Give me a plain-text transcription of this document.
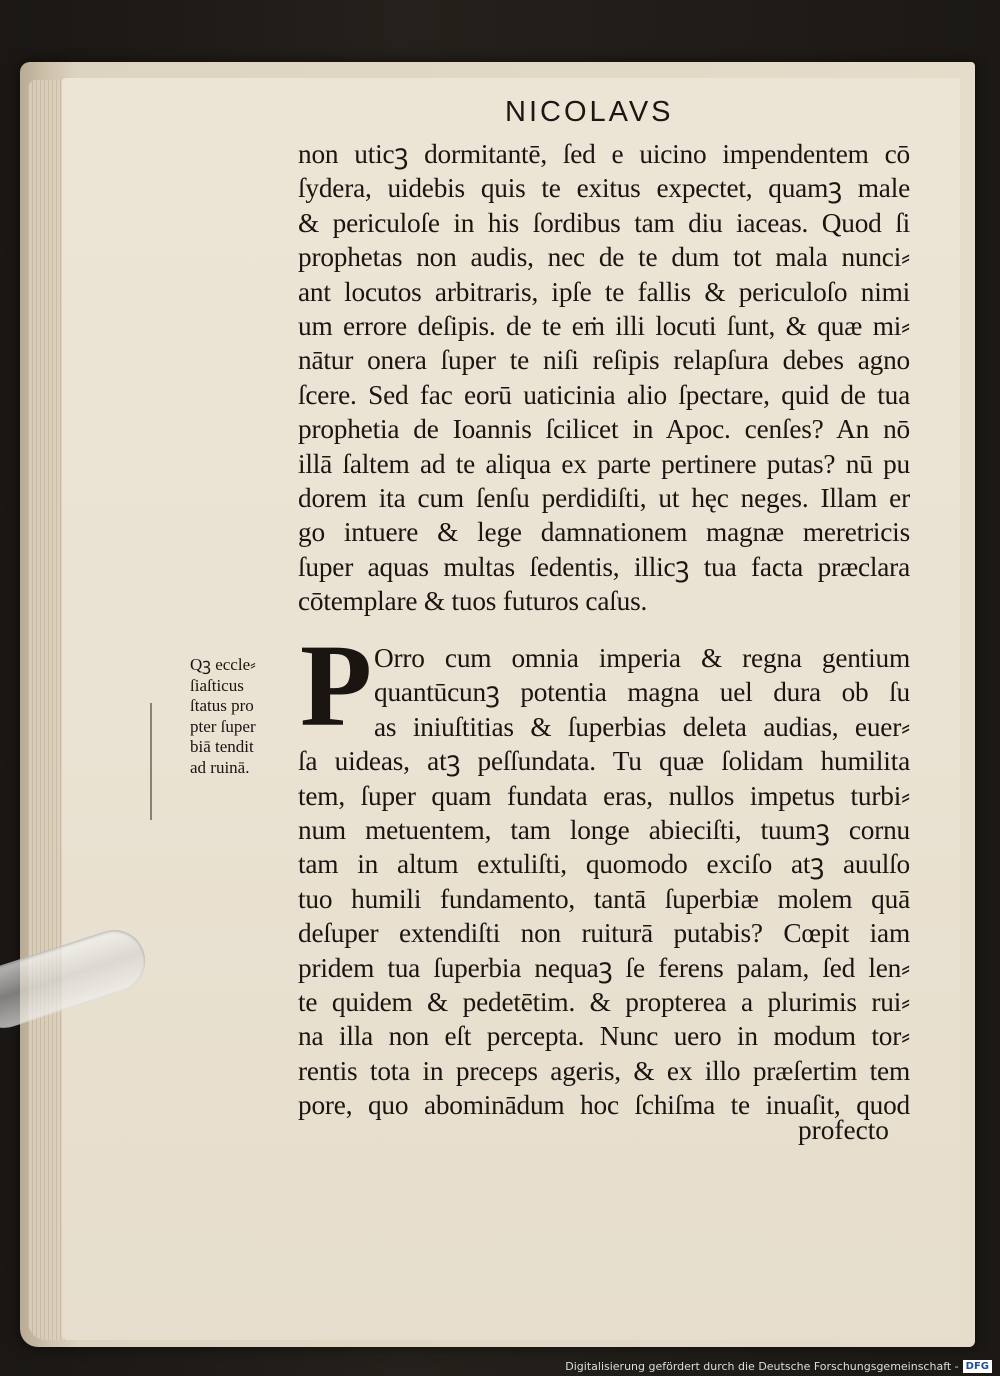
NICOLAVS
non uticꝫ dormitantē, ſed e uicino impendentem cō
ſydera, uidebis quis te exitus expectet, quamꝫ male
& periculoſe in his ſordibus tam diu iaceas. Quod ſi
prophetas non audis, nec de te dum tot mala nunci⸗
ant locutos arbitraris, ipſe te fallis & periculoſo nimi
um errore deſipis. de te eṁ illi locuti ſunt, & quæ mi⸗
nātur onera ſuper te niſi reſipis relapſura debes agno
ſcere. Sed fac eorū uaticinia alio ſpectare, quid de tua
prophetia de Ioannis ſcilicet in Apoc. cenſes? An nō
illā ſaltem ad te aliqua ex parte pertinere putas? nū pu
dorem ita cum ſenſu perdidiſti, ut hęc neges. Illam er
go intuere & lege damnationem magnæ meretricis
ſuper aquas multas ſedentis, illicꝫ tua facta præclara
cōtemplare & tuos futuros caſus.
Qꝫ eccle⸗
ſiaſticus
ſtatus pro
pter ſuper
biā tendit
ad ruinā.
P Orro cum omnia imperia & regna gentium
quantūcunꝫ potentia magna uel dura ob ſu
as iniuſtitias & ſuperbias deleta audias, euer⸗
ſa uideas, atꝫ peſſundata. Tu quæ ſolidam humilita
tem, ſuper quam fundata eras, nullos impetus turbi⸗
num metuentem, tam longe abieciſti, tuumꝫ cornu
tam in altum extuliſti, quomodo exciſo atꝫ auulſo
tuo humili fundamento, tantā ſuperbiæ molem quā
deſuper extendiſti non ruiturā putabis? Cœpit iam
pridem tua ſuperbia nequaꝫ ſe ferens palam, ſed len⸗
te quidem & pedetētim. & propterea a plurimis rui⸗
na illa non eſt percepta. Nunc uero in modum tor⸗
rentis tota in preceps ageris, & ex illo præſertim tem
pore, quo abominādum hoc ſchiſma te inuaſit, quod
profecto
Digitalisierung gefördert durch die Deutsche Forschungsgemeinschaft - DFG
